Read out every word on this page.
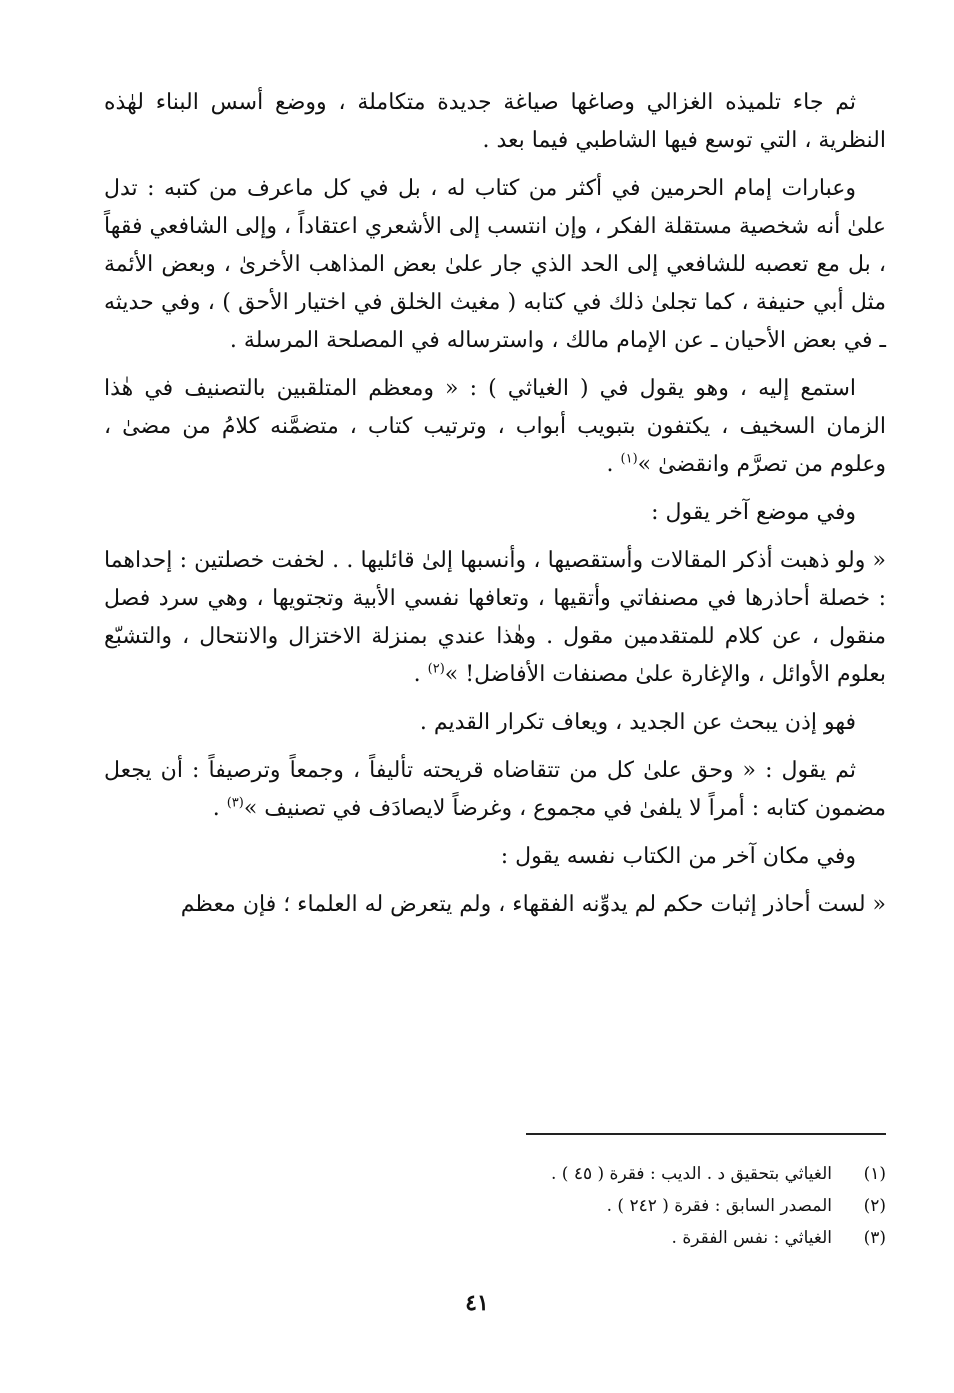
ثم جاء تلميذه الغزالي وصاغها صياغة جديدة متكاملة ، ووضع أسس البناء لهٰذه النظرية ، التي توسع فيها الشاطبي فيما بعد .

وعبارات إمام الحرمين في أكثر من كتاب له ، بل في كل ماعرف من كتبه : تدل علىٰ أنه شخصية مستقلة الفكر ، وإن انتسب إلى الأشعري اعتقاداً ، وإلى الشافعي فقهاً ، بل مع تعصبه للشافعي إلى الحد الذي جار علىٰ بعض المذاهب الأخرىٰ ، وبعض الأئمة مثل أبي حنيفة ، كما تجلىٰ ذلك في كتابه ( مغيث الخلق في اختيار الأحق ) ، وفي حديثه ـ في بعض الأحيان ـ عن الإمام مالك ، واسترساله في المصلحة المرسلة .

استمع إليه ، وهو يقول في ( الغياثي ) : « ومعظم المتلقبين بالتصنيف في هٰذا الزمان السخيف ، يكتفون بتبويب أبواب ، وترتيب كتاب ، متضمَّنه كلامُ من مضىٰ ، وعلوم من تصرَّم وانقضىٰ »$^{(١)}$ .

وفي موضع آخر يقول :

« ولو ذهبت أذكر المقالات وأستقصيها ، وأنسبها إلىٰ قائليها . . لخفت خصلتين : إحداهما : خصلة أحاذرها في مصنفاتي وأتقيها ، وتعافها نفسي الأبية وتجتويها ، وهي سرد فصل منقول ، عن كلام للمتقدمين مقول . وهٰذا عندي بمنزلة الاختزال والانتحال ، والتشبّع بعلوم الأوائل ، والإغارة علىٰ مصنفات الأفاضل! »$^{(٢)}$ .

فهو إذن يبحث عن الجديد ، ويعاف تكرار القديم .

ثم يقول : « وحق علىٰ كل من تتقاضاه قريحته تأليفاً ، وجمعاً وترصيفاً : أن يجعل مضمون كتابه : أمراً لا يلفىٰ في مجموع ، وغرضاً لايصادَف في تصنيف »$^{(٣)}$ .

وفي مكان آخر من الكتاب نفسه يقول :

« لست أحاذر إثبات حكم لم يدوِّنه الفقهاء ، ولم يتعرض له العلماء ؛ فإن معظم

(١)
الغياثي بتحقيق د . الديب : فقرة ( ٤٥ ) .
(٢)
المصدر السابق : فقرة ( ٢٤٢ ) .
(٣)
الغياثي : نفس الفقرة .
٤١
